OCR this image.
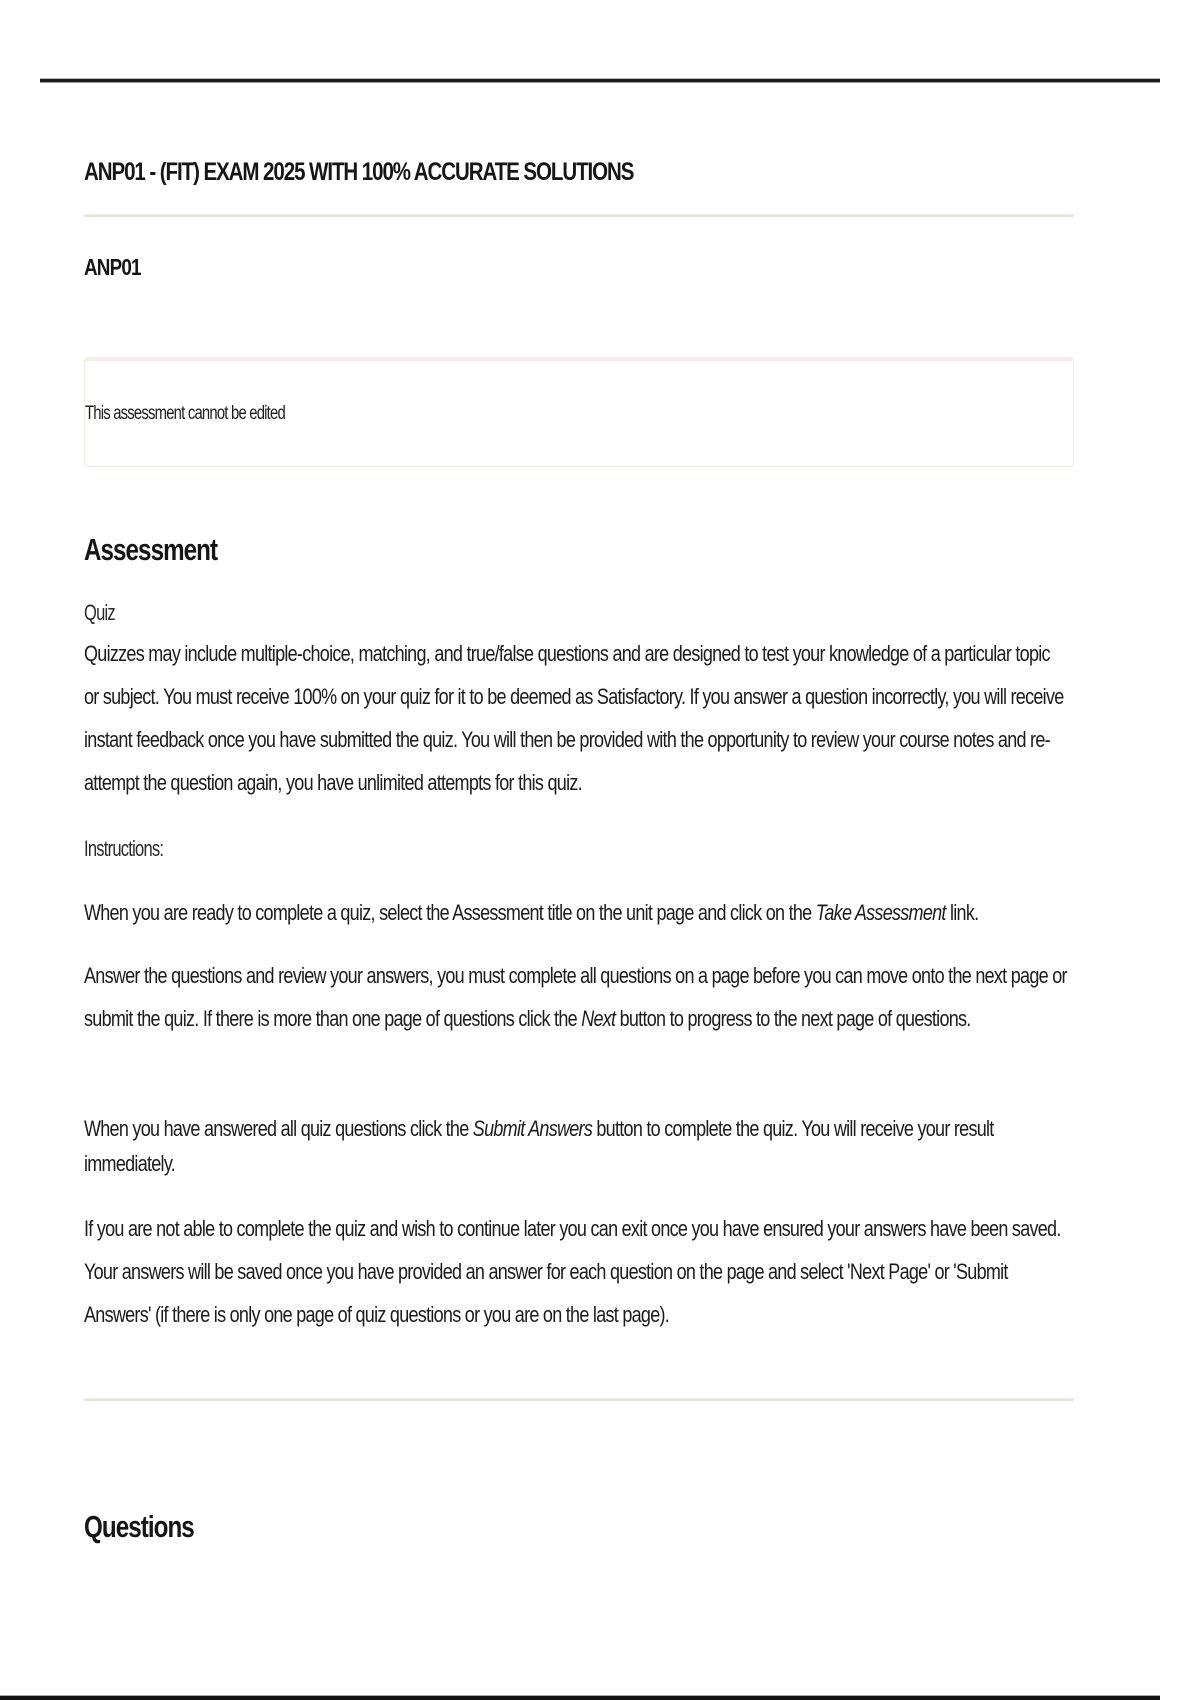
ANP01 - (FIT) EXAM 2025 WITH 100% ACCURATE SOLUTIONS
ANP01
This assessment cannot be edited
Assessment
Quiz
Quizzes may include multiple-choice, matching, and true/false questions and are designed to test your knowledge of a particular topic or subject. You must receive 100% on your quiz for it to be deemed as Satisfactory. If you answer a question incorrectly, you will receive instant feedback once you have submitted the quiz. You will then be provided with the opportunity to review your course notes and re-attempt the question again, you have unlimited attempts for this quiz.
Instructions:
When you are ready to complete a quiz, select the Assessment title on the unit page and click on the Take Assessment link.
Answer the questions and review your answers, you must complete all questions on a page before you can move onto the next page or submit the quiz. If there is more than one page of questions click the Next button to progress to the next page of questions.
When you have answered all quiz questions click the Submit Answers button to complete the quiz. You will receive your result immediately.
If you are not able to complete the quiz and wish to continue later you can exit once you have ensured your answers have been saved. Your answers will be saved once you have provided an answer for each question on the page and select 'Next Page' or 'Submit Answers' (if there is only one page of quiz questions or you are on the last page).
Questions
